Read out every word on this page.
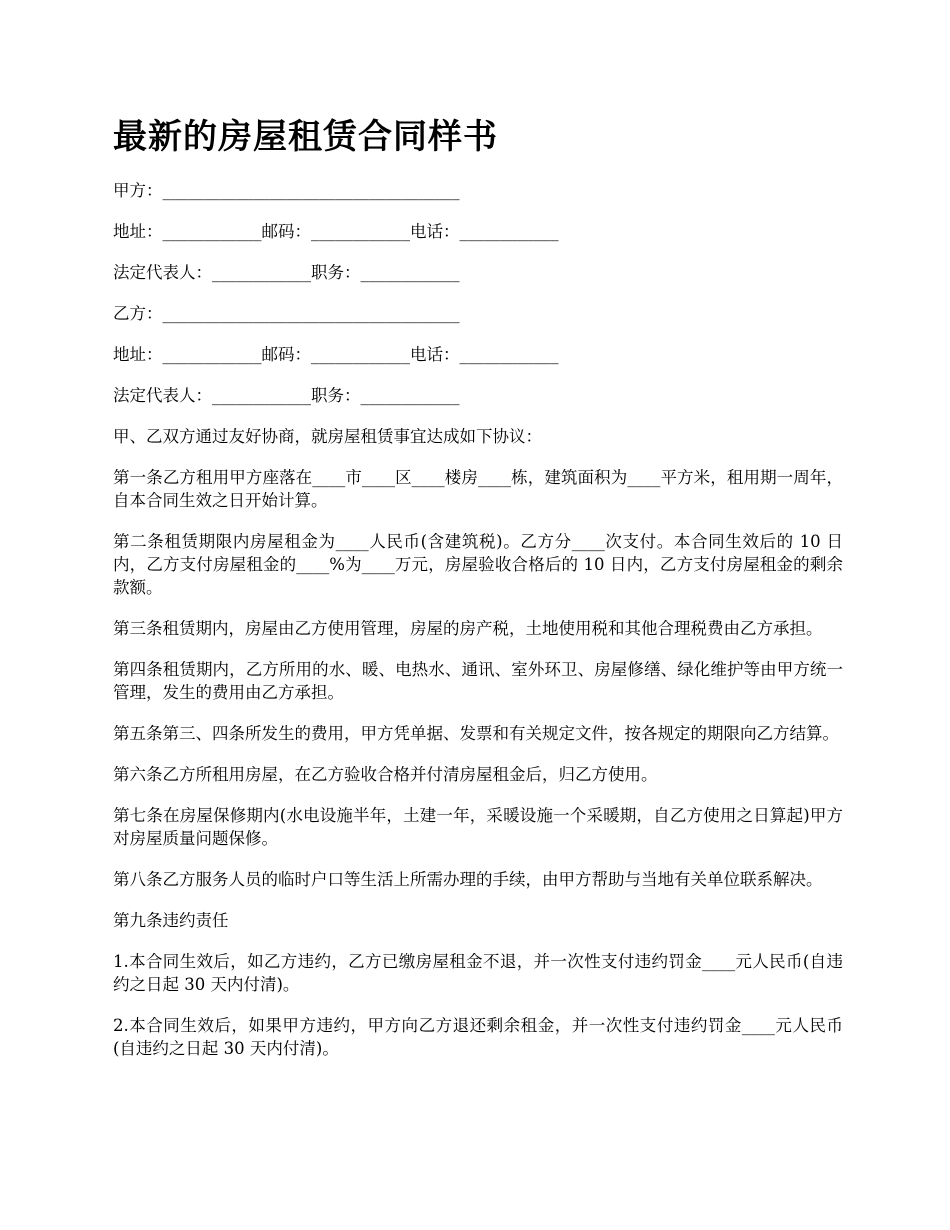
最新的房屋租赁合同样书

甲方：____________________________________

地址：____________邮码：____________电话：____________

法定代表人：____________职务：____________

乙方：____________________________________

地址：____________邮码：____________电话：____________

法定代表人：____________职务：____________

甲、乙双方通过友好协商，就房屋租赁事宜达成如下协议：

第一条乙方租用甲方座落在____市____区____楼房____栋，建筑面积为____平方米，租用期一周年，自本合同生效之日开始计算。

第二条租赁期限内房屋租金为____人民币(含建筑税)。乙方分____次支付。本合同生效后的 10 日内，乙方支付房屋租金的____%为____万元，房屋验收合格后的 10 日内，乙方支付房屋租金的剩余款额。

第三条租赁期内，房屋由乙方使用管理，房屋的房产税，土地使用税和其他合理税费由乙方承担。

第四条租赁期内，乙方所用的水、暖、电热水、通讯、室外环卫、房屋修缮、绿化维护等由甲方统一管理，发生的费用由乙方承担。

第五条第三、四条所发生的费用，甲方凭单据、发票和有关规定文件，按各规定的期限向乙方结算。

第六条乙方所租用房屋，在乙方验收合格并付清房屋租金后，归乙方使用。

第七条在房屋保修期内(水电设施半年，土建一年，采暖设施一个采暖期，自乙方使用之日算起)甲方对房屋质量问题保修。

第八条乙方服务人员的临时户口等生活上所需办理的手续，由甲方帮助与当地有关单位联系解决。

第九条违约责任

1.本合同生效后，如乙方违约，乙方已缴房屋租金不退，并一次性支付违约罚金____元人民币(自违约之日起 30 天内付清)。

2.本合同生效后，如果甲方违约，甲方向乙方退还剩余租金，并一次性支付违约罚金____元人民币(自违约之日起 30 天内付清)。
